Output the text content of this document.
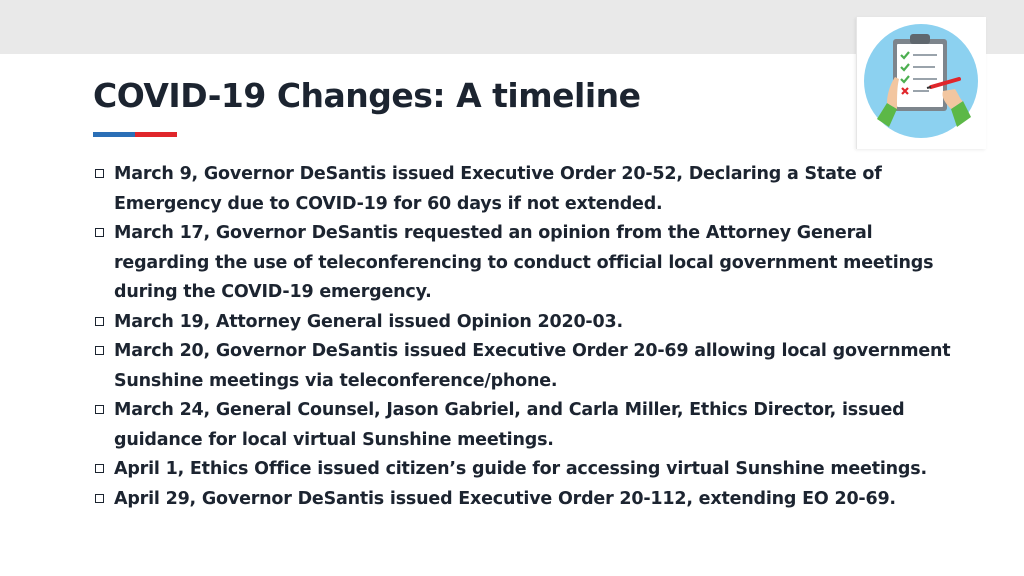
COVID-19 Changes: A timeline
March 9, Governor DeSantis issued Executive Order 20-52, Declaring a State of Emergency due to COVID-19 for 60 days if not extended.
March 17, Governor DeSantis requested an opinion from the Attorney General regarding the use of teleconferencing to conduct official local government meetings during the COVID-19 emergency.
March 19, Attorney General issued Opinion 2020-03.
March 20, Governor DeSantis issued Executive Order 20-69 allowing local government Sunshine meetings via teleconference/phone.
March 24, General Counsel, Jason Gabriel, and Carla Miller, Ethics Director, issued guidance for local virtual Sunshine meetings.
April 1, Ethics Office issued citizen’s guide for accessing virtual Sunshine meetings.
April 29, Governor DeSantis issued Executive Order 20-112, extending EO 20-69.
